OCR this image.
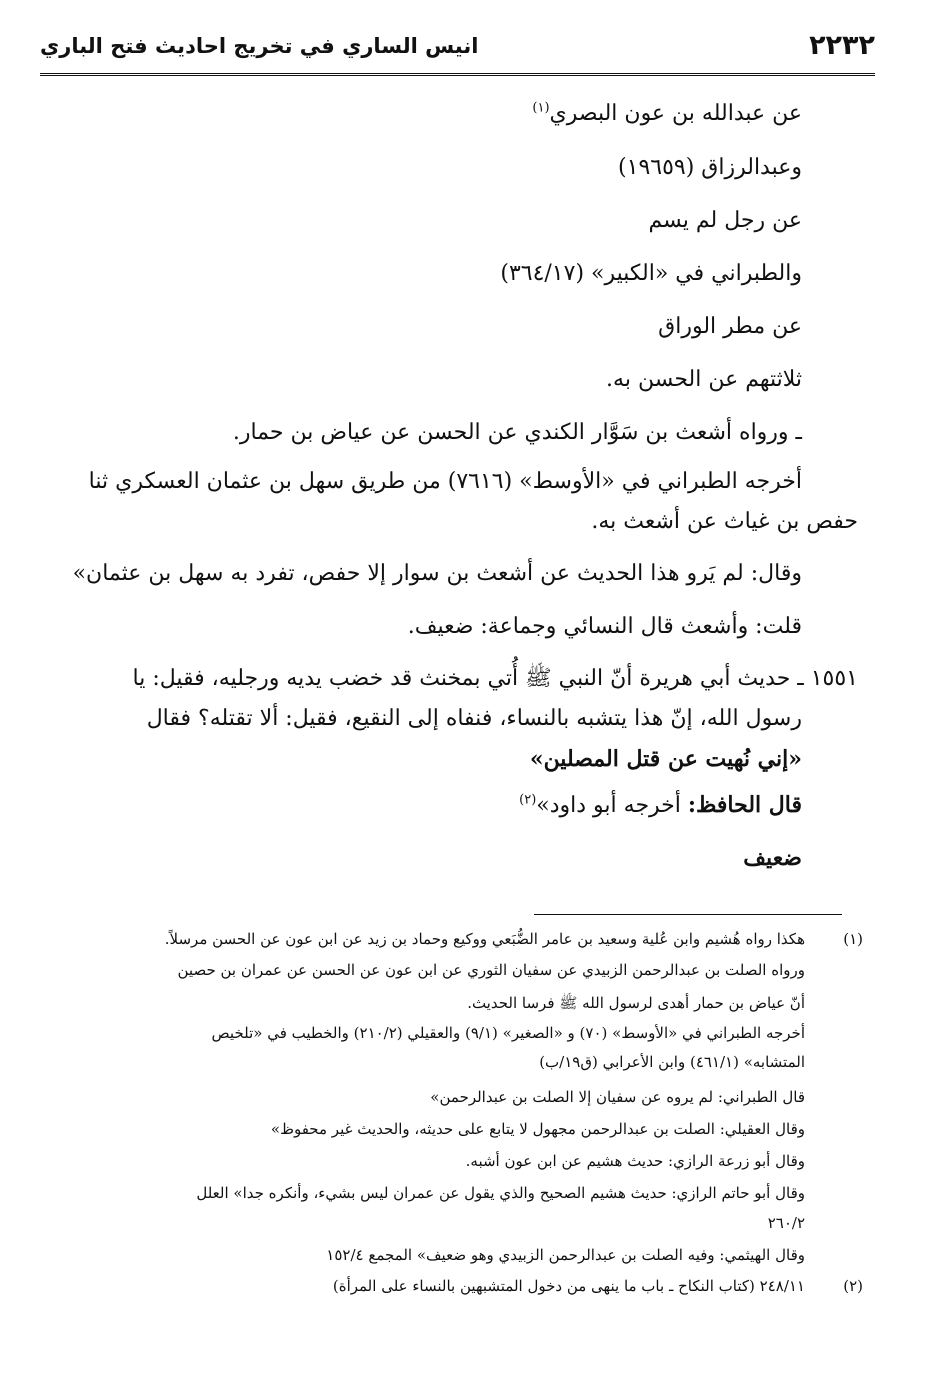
٢٢٣٢
انيس الساري في تخريج احاديث فتح الباري
عن عبدالله بن عون البصري$^{(١)}$
وعبدالرزاق (١٩٦٥٩)
عن رجل لم يسم
والطبراني في «الكبير» (٣٦٤/١٧)
عن مطر الوراق
ثلاثتهم عن الحسن به.
ـ ورواه أشعث بن سَوَّار الكندي عن الحسن عن عياض بن حمار.
أخرجه الطبراني في «الأوسط» (٧٦١٦) من طريق سهل بن عثمان العسكري ثنا
حفص بن غياث عن أشعث به.
وقال: لم يَرو هذا الحديث عن أشعث بن سوار إلا حفص، تفرد به سهل بن عثمان»
قلت: وأشعث قال النسائي وجماعة: ضعيف.
١٥٥١ ـ حديث أبي هريرة أنّ النبي ﷺ أُتي بمخنث قد خضب يديه ورجليه، فقيل: يا
رسول الله، إنّ هذا يتشبه بالنساء، فنفاه إلى النقيع، فقيل: ألا تقتله؟ فقال
«إني نُهيت عن قتل المصلين»
قال الحافظ: أخرجه أبو داود»$^{(٢)}$
ضعيف
(١)
هكذا رواه هُشيم وابن عُلية وسعيد بن عامر الضُّبَعي ووكيع وحماد بن زيد عن ابن عون عن الحسن مرسلاً.
ورواه الصلت بن عبدالرحمن الزبيدي عن سفيان الثوري عن ابن عون عن الحسن عن عمران بن حصين
أنّ عياض بن حمار أهدى لرسول الله ﷺ فرسا الحديث.
أخرجه الطبراني في «الأوسط» (٧٠) و «الصغير» (٩/١) والعقيلي (٢١٠/٢) والخطيب في «تلخيص
المتشابه» (٤٦١/١) وابن الأعرابي (ق١٩/ب)
قال الطبراني: لم يروه عن سفيان إلا الصلت بن عبدالرحمن»
وقال العقيلي: الصلت بن عبدالرحمن مجهول لا يتابع على حديثه، والحديث غير محفوظ»
وقال أبو زرعة الرازي: حديث هشيم عن ابن عون أشبه.
وقال أبو حاتم الرازي: حديث هشيم الصحيح والذي يقول عن عمران ليس بشيء، وأنكره جدا» العلل
٢٦٠/٢
وقال الهيثمي: وفيه الصلت بن عبدالرحمن الزبيدي وهو ضعيف» المجمع ١٥٢/٤
(٢)
٢٤٨/١١ (كتاب النكاح ـ باب ما ينهى من دخول المتشبهين بالنساء على المرأة)
